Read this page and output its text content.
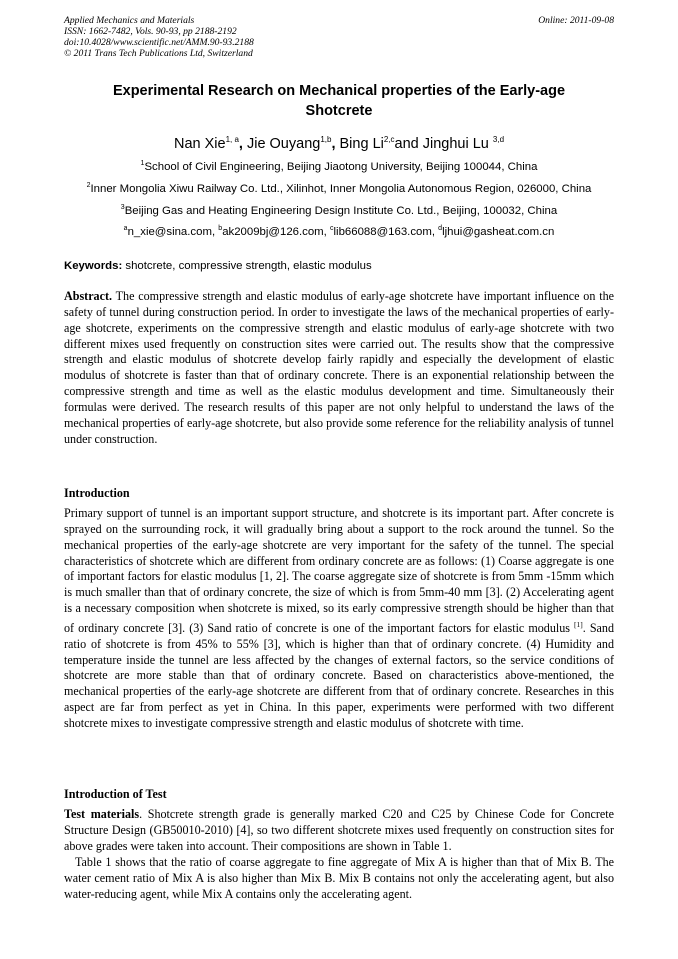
Applied Mechanics and Materials
ISSN: 1662-7482, Vols. 90-93, pp 2188-2192
doi:10.4028/www.scientific.net/AMM.90-93.2188
© 2011 Trans Tech Publications Ltd, Switzerland
Online: 2011-09-08
Experimental Research on Mechanical properties of the Early-age
Shotcrete
Nan Xie$^{1, a}$, Jie Ouyang$^{1,b}$, Bing Li$^{2,c}$and Jinghui Lu $^{3,d}$
$^1$School of Civil Engineering, Beijing Jiaotong University, Beijing 100044, China
$^2$Inner Mongolia Xiwu Railway Co. Ltd., Xilinhot, Inner Mongolia Autonomous Region, 026000, China
$^3$Beijing Gas and Heating Engineering Design Institute Co. Ltd., Beijing, 100032, China
$^a$n_xie@sina.com, $^b$ak2009bj@126.com, $^c$lib66088@163.com, $^d$ljhui@gasheat.com.cn
Keywords: shotcrete, compressive strength, elastic modulus
Abstract. The compressive strength and elastic modulus of early-age shotcrete have important influence on the safety of tunnel during construction period. In order to investigate the laws of the mechanical properties of early-age shotcrete, experiments on the compressive strength and elastic modulus of early-age shotcrete with two different mixes used frequently on construction sites were carried out. The results show that the compressive strength and elastic modulus of shotcrete develop fairly rapidly and especially the development of elastic modulus of shotcrete is faster than that of ordinary concrete. There is an exponential relationship between the compressive strength and time as well as the elastic modulus development and time. Simultaneously their formulas were derived. The research results of this paper are not only helpful to understand the laws of the mechanical properties of early-age shotcrete, but also provide some reference for the reliability analysis of tunnel under construction.
Introduction
Primary support of tunnel is an important support structure, and shotcrete is its important part. After concrete is sprayed on the surrounding rock, it will gradually bring about a support to the rock around the tunnel. So the mechanical properties of the early-age shotcrete are very important for the safety of the tunnel. The special characteristics of shotcrete which are different from ordinary concrete are as follows: (1) Coarse aggregate is one of important factors for elastic modulus [1, 2]. The coarse aggregate size of shotcrete is from 5mm -15mm which is much smaller than that of ordinary concrete, the size of which is from 5mm-40 mm [3]. (2) Accelerating agent is a necessary composition when shotcrete is mixed, so its early compressive strength should be higher than that of ordinary concrete [3]. (3) Sand ratio of concrete is one of the important factors for elastic modulus [1]. Sand ratio of shotcrete is from 45% to 55% [3], which is higher than that of ordinary concrete. (4) Humidity and temperature inside the tunnel are less affected by the changes of external factors, so the service conditions of shotcrete are more stable than that of ordinary concrete. Based on characteristics above-mentioned, the mechanical properties of the early-age shotcrete are different from that of ordinary concrete. Researches in this aspect are far from perfect as yet in China. In this paper, experiments were performed with two different shotcrete mixes to investigate compressive strength and elastic modulus of shotcrete with time.
Introduction of Test
Test materials. Shotcrete strength grade is generally marked C20 and C25 by Chinese Code for Concrete Structure Design (GB50010-2010) [4], so two different shotcrete mixes used frequently on construction sites for above grades were taken into account. Their compositions are shown in Table 1.
Table 1 shows that the ratio of coarse aggregate to fine aggregate of Mix A is higher than that of Mix B. The water cement ratio of Mix A is also higher than Mix B. Mix B contains not only the accelerating agent, but also water-reducing agent, while Mix A contains only the accelerating agent.
